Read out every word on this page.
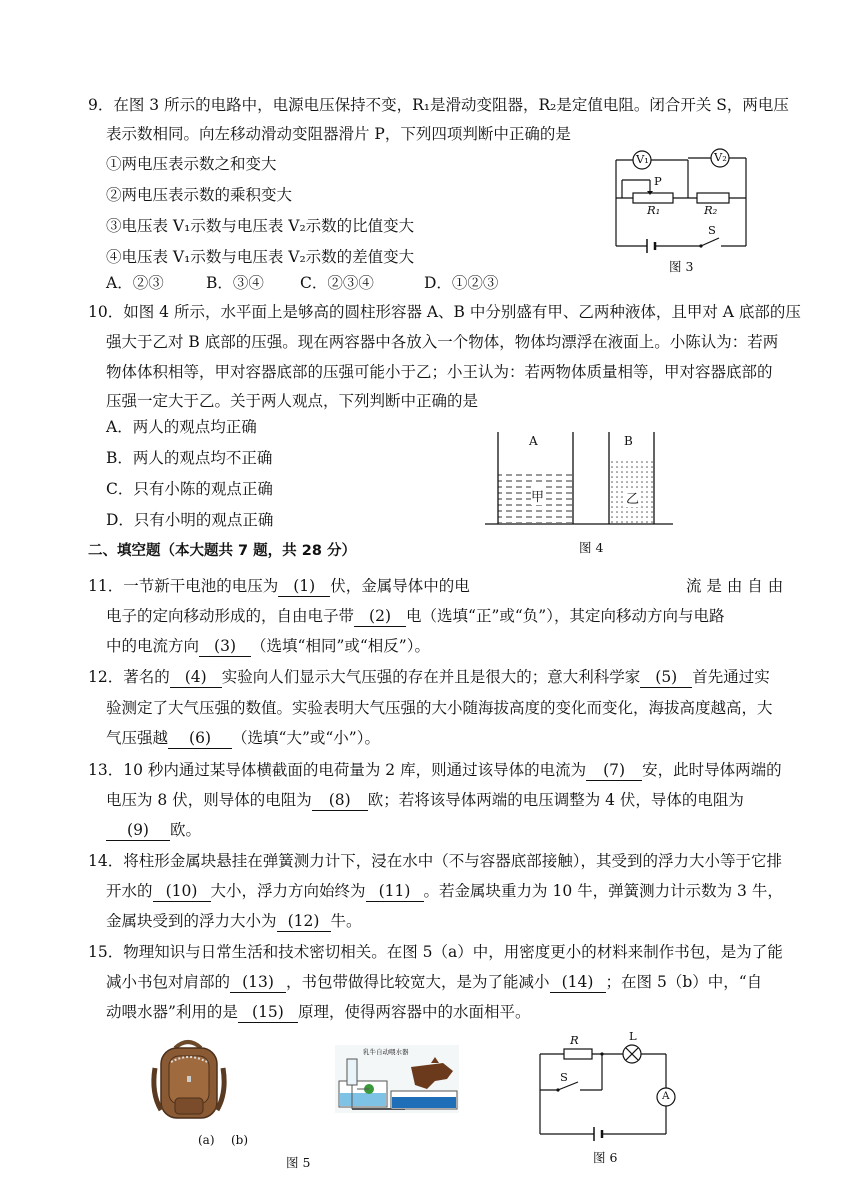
9．在图 3 所示的电路中，电源电压保持不变，R₁是滑动变阻器，R₂是定值电阻。闭合开关 S，两电压
表示数相同。向左移动滑动变阻器滑片 P，下列四项判断中正确的是
①两电压表示数之和变大
②两电压表示数的乘积变大
③电压表 V₁示数与电压表 V₂示数的比值变大
④电压表 V₁示数与电压表 V₂示数的差值变大
A．②③	B．③④ C．②③④	D．①②③
V₁	V₂
P
R₁	R₂
S
图 3
10．如图 4 所示，水平面上是够高的圆柱形容器 A、B 中分别盛有甲、乙两种液体，且甲对 A 底部的压
强大于乙对 B 底部的压强。现在两容器中各放入一个物体，物体均漂浮在液面上。小陈认为：若两
物体体积相等，甲对容器底部的压强可能小于乙；小王认为：若两物体质量相等，甲对容器底部的
压强一定大于乙。关于两人观点，下列判断中正确的是
A．两人的观点均正确
B．两人的观点均不正确
C．只有小陈的观点正确
D．只有小明的观点正确
A	B
甲	乙
图 4
二、填空题（本大题共 7 题，共 28 分）
11．一节新干电池的电压为 (1) 伏，金属导体中的电	流 是 由 自 由
电子的定向移动形成的，自由电子带 (2) 电（选填“正”或“负”），其定向移动方向与电路
中的电流方向 (3) （选填“相同”或“相反”）。
12．著名的 (4) 实验向人们显示大气压强的存在并且是很大的；意大利科学家 (5) 首先通过实
验测定了大气压强的数值。实验表明大气压强的大小随海拔高度的变化而变化，海拔高度越高，大
气压强越 (6) （选填“大”或“小”）。
13．10 秒内通过某导体横截面的电荷量为 2 库，则通过该导体的电流为 (7) 安，此时导体两端的
电压为 8 伏，则导体的电阻为 (8) 欧；若将该导体两端的电压调整为 4 伏，导体的电阻为
(9) 欧。
14．将柱形金属块悬挂在弹簧测力计下，浸在水中（不与容器底部接触），其受到的浮力大小等于它排
开水的 (10) 大小，浮力方向始终为 (11) 。若金属块重力为 10 牛，弹簧测力计示数为 3 牛，
金属块受到的浮力大小为 (12) 牛。
15．物理知识与日常生活和技术密切相关。在图 5（a）中，用密度更小的材料来制作书包，是为了能
减小书包对肩部的 (13) ，书包带做得比较宽大，是为了能减小 (14) ；在图 5（b）中，“自
动喂水器”利用的是 (15) 原理，使得两容器中的水面相平。
乳牛自动喂水器
(a) (b)
图 5
R	L
S
A
图 6
